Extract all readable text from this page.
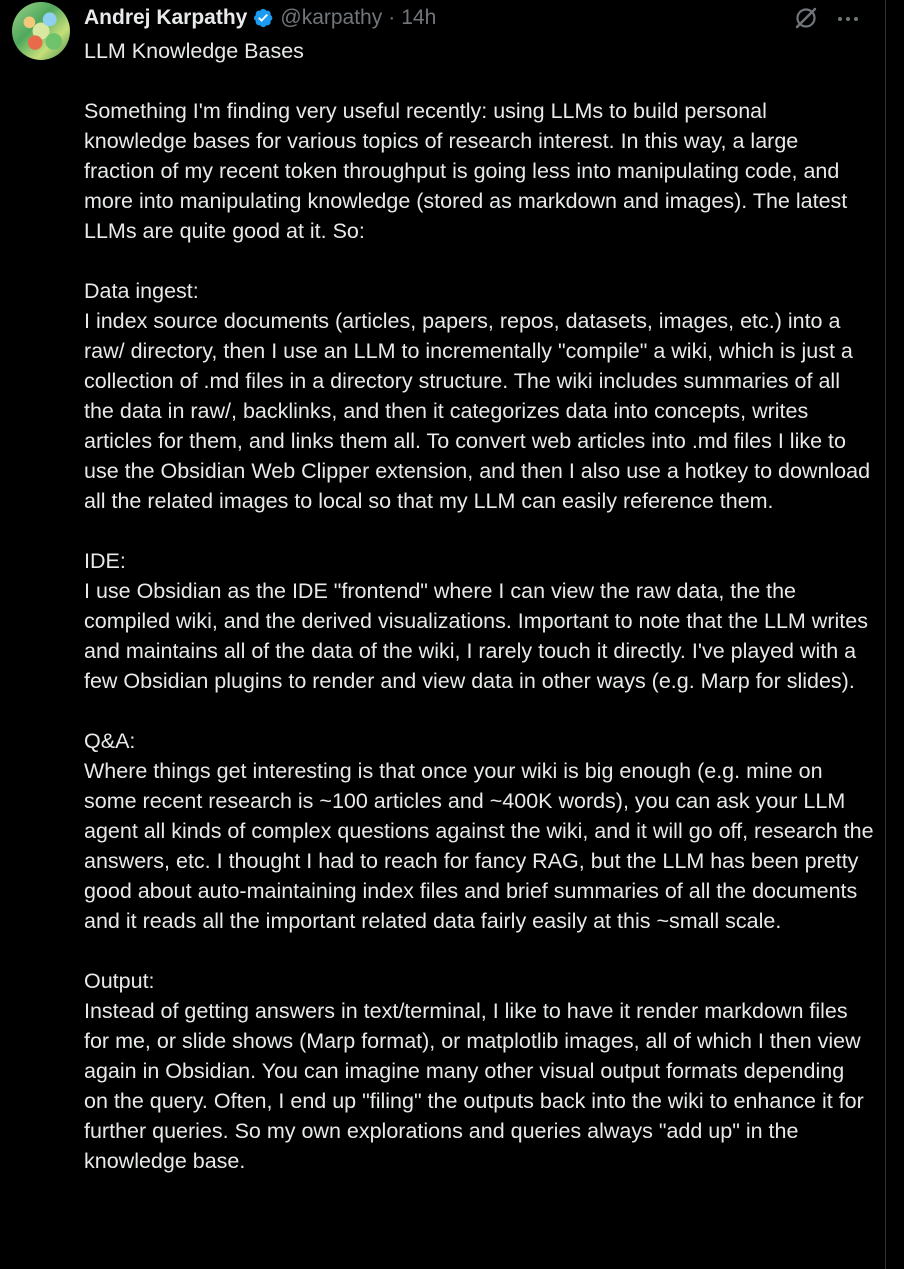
Andrej Karpathy @karpathy · 14h

LLM Knowledge Bases

Something I'm finding very useful recently: using LLMs to build personal knowledge bases for various topics of research interest. In this way, a large fraction of my recent token throughput is going less into manipulating code, and more into manipulating knowledge (stored as markdown and images). The latest LLMs are quite good at it. So:

Data ingest:
I index source documents (articles, papers, repos, datasets, images, etc.) into a raw/ directory, then I use an LLM to incrementally "compile" a wiki, which is just a collection of .md files in a directory structure. The wiki includes summaries of all the data in raw/, backlinks, and then it categorizes data into concepts, writes articles for them, and links them all. To convert web articles into .md files I like to use the Obsidian Web Clipper extension, and then I also use a hotkey to download all the related images to local so that my LLM can easily reference them.

IDE:
I use Obsidian as the IDE "frontend" where I can view the raw data, the the compiled wiki, and the derived visualizations. Important to note that the LLM writes and maintains all of the data of the wiki, I rarely touch it directly. I've played with a few Obsidian plugins to render and view data in other ways (e.g. Marp for slides).

Q&A:
Where things get interesting is that once your wiki is big enough (e.g. mine on some recent research is ~100 articles and ~400K words), you can ask your LLM agent all kinds of complex questions against the wiki, and it will go off, research the answers, etc. I thought I had to reach for fancy RAG, but the LLM has been pretty good about auto-maintaining index files and brief summaries of all the documents and it reads all the important related data fairly easily at this ~small scale.

Output:
Instead of getting answers in text/terminal, I like to have it render markdown files for me, or slide shows (Marp format), or matplotlib images, all of which I then view again in Obsidian. You can imagine many other visual output formats depending on the query. Often, I end up "filing" the outputs back into the wiki to enhance it for further queries. So my own explorations and queries always "add up" in the knowledge base.
